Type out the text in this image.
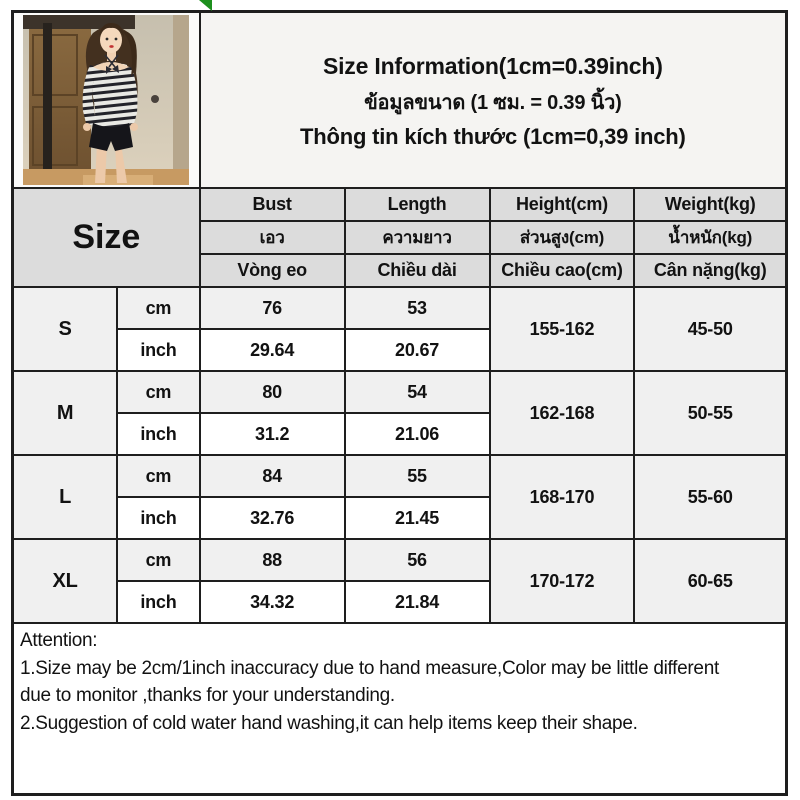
Size Information(1cm=0.39inch)
ข้อมูลขนาด (1 ซม. = 0.39 นิ้ว)
Thông tin kích thước (1cm=0,39 inch)			

Size		Bust	Length	Height(cm)	Weight(kg)
		เอว	ความยาว	ส่วนสูง(cm)	น้ำหนัก(kg)
		Vòng eo	Chiều dài	Chiều cao(cm)	Cân nặng(kg)
S	cm	76	53	155-162	45-50
	inch	29.64	20.67		
M	cm	80	54	162-168	50-55
	inch	31.2	21.06		
L	cm	84	55	168-170	55-60
	inch	32.76	21.45		
XL	cm	88	56	170-172	60-65
	inch	34.32	21.84		

Attention:
1.Size may be 2cm/1inch inaccuracy due to hand measure,Color may be little different
due to monitor ,thanks for your understanding.
2.Suggestion of cold water hand washing,it can help items keep their shape.					
